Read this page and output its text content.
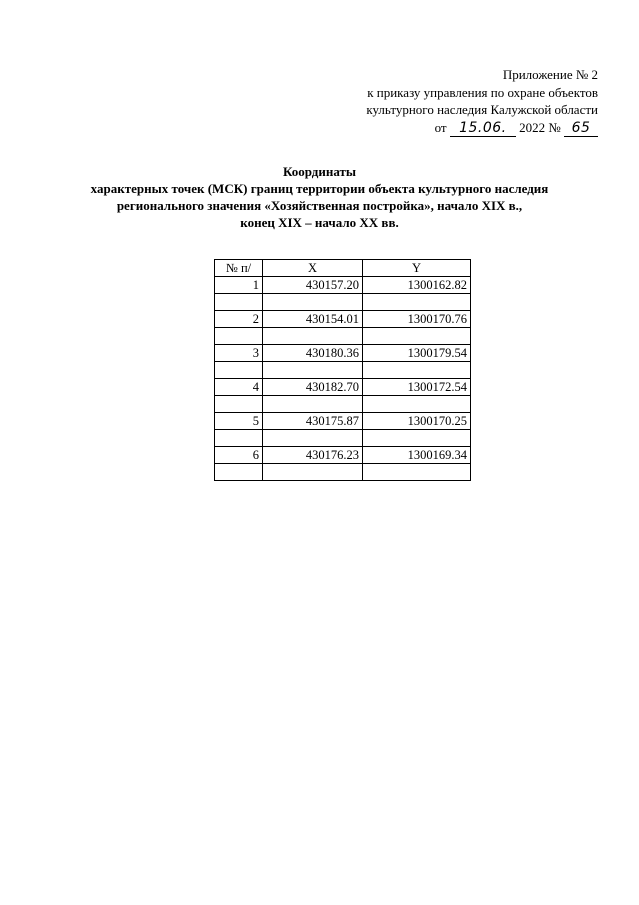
Приложение № 2
к приказу управления по охране объектов
культурного наследия Калужской области
от 15.06. 2022 № 65
Координаты
характерных точек (МСК) границ территории объекта культурного наследия
регионального значения «Хозяйственная постройка», начало XIX в.,
конец XIX – начало XX вв.
№ п/	X	Y
1	430157.20	1300162.82

2	430154.01	1300170.76

3	430180.36	1300179.54

4	430182.70	1300172.54

5	430175.87	1300170.25

6	430176.23	1300169.34
